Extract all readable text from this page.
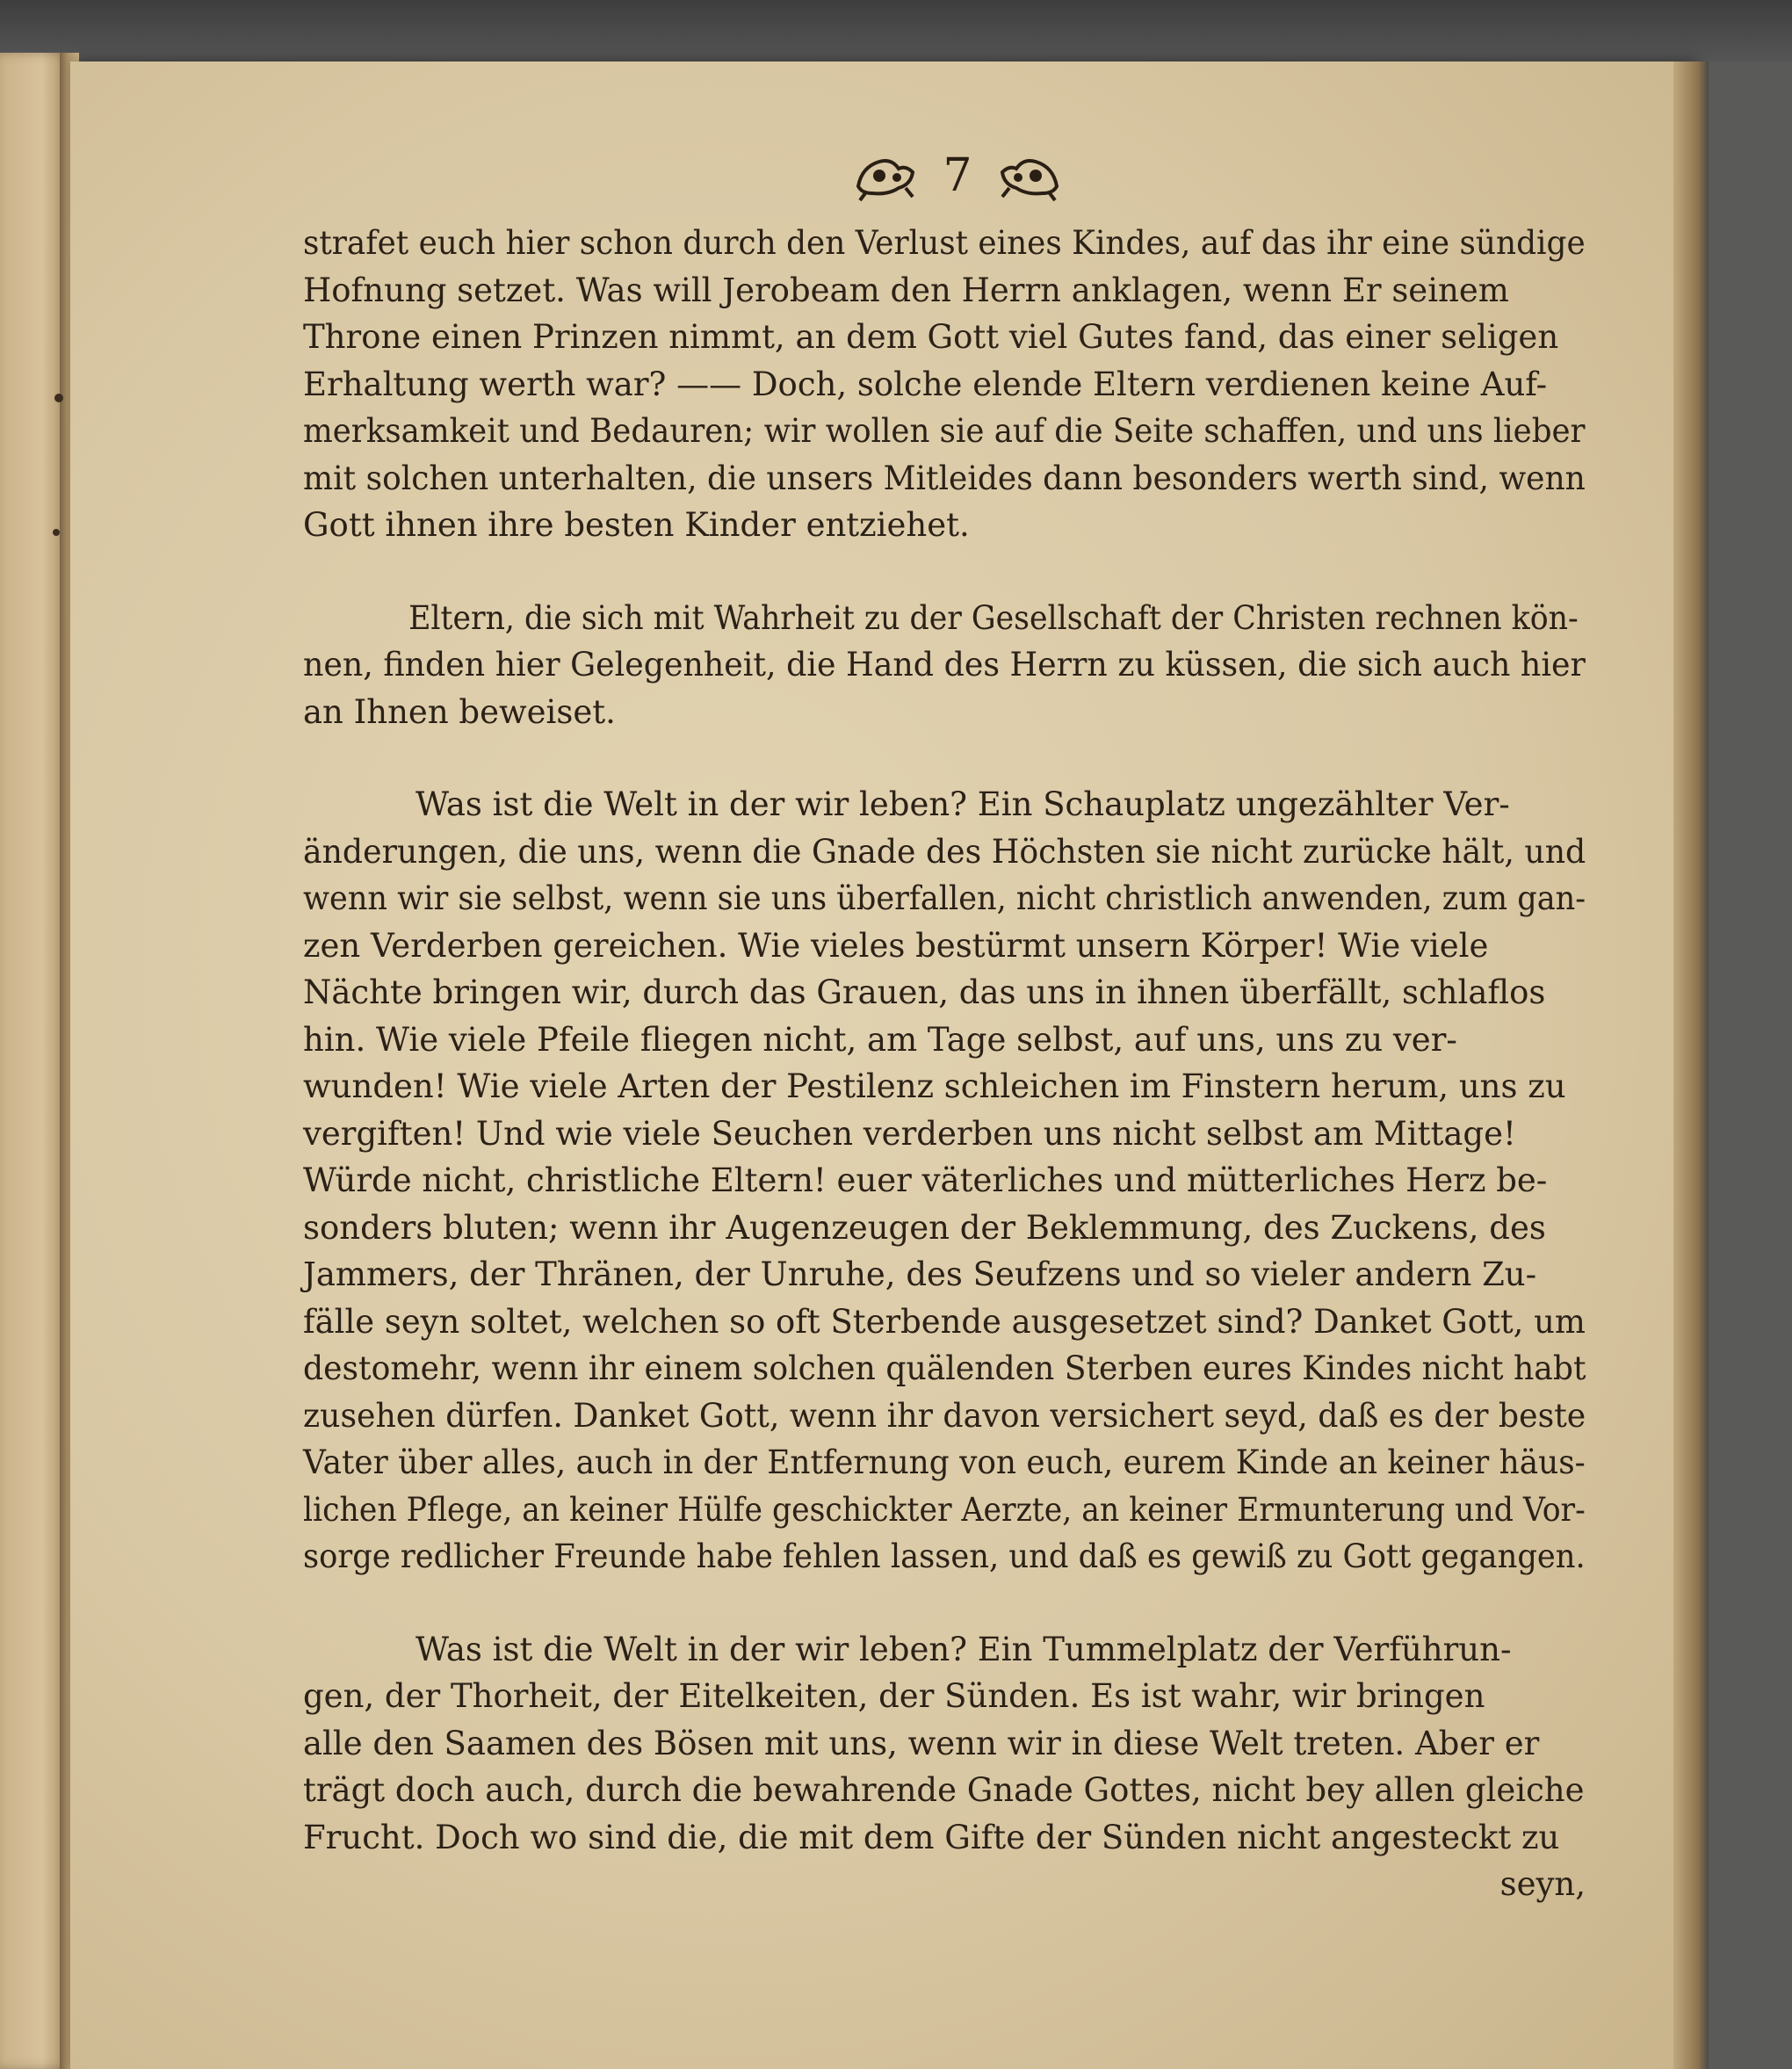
7

strafet euch hier schon durch den Verlust eines Kindes, auf das ihr eine sündige
Hofnung setzet. Was will Jerobeam den Herrn anklagen, wenn Er seinem
Throne einen Prinzen nimmt, an dem Gott viel Gutes fand, das einer seligen
Erhaltung werth war? —— Doch, solche elende Eltern verdienen keine Auf-
merksamkeit und Bedauren; wir wollen sie auf die Seite schaffen, und uns lieber
mit solchen unterhalten, die unsers Mitleides dann besonders werth sind, wenn
Gott ihnen ihre besten Kinder entziehet.

Eltern, die sich mit Wahrheit zu der Gesellschaft der Christen rechnen kön-
nen, finden hier Gelegenheit, die Hand des Herrn zu küssen, die sich auch hier
an Ihnen beweiset.

Was ist die Welt in der wir leben? Ein Schauplatz ungezählter Ver-
änderungen, die uns, wenn die Gnade des Höchsten sie nicht zurücke hält, und
wenn wir sie selbst, wenn sie uns überfallen, nicht christlich anwenden, zum gan-
zen Verderben gereichen. Wie vieles bestürmt unsern Körper! Wie viele
Nächte bringen wir, durch das Grauen, das uns in ihnen überfällt, schlaflos
hin. Wie viele Pfeile fliegen nicht, am Tage selbst, auf uns, uns zu ver-
wunden! Wie viele Arten der Pestilenz schleichen im Finstern herum, uns zu
vergiften! Und wie viele Seuchen verderben uns nicht selbst am Mittage!
Würde nicht, christliche Eltern! euer väterliches und mütterliches Herz be-
sonders bluten; wenn ihr Augenzeugen der Beklemmung, des Zuckens, des
Jammers, der Thränen, der Unruhe, des Seufzens und so vieler andern Zu-
fälle seyn soltet, welchen so oft Sterbende ausgesetzet sind? Danket Gott, um
destomehr, wenn ihr einem solchen quälenden Sterben eures Kindes nicht habt
zusehen dürfen. Danket Gott, wenn ihr davon versichert seyd, daß es der beste
Vater über alles, auch in der Entfernung von euch, eurem Kinde an keiner häus-
lichen Pflege, an keiner Hülfe geschickter Aerzte, an keiner Ermunterung und Vor-
sorge redlicher Freunde habe fehlen lassen, und daß es gewiß zu Gott gegangen.

Was ist die Welt in der wir leben? Ein Tummelplatz der Verführun-
gen, der Thorheit, der Eitelkeiten, der Sünden. Es ist wahr, wir bringen
alle den Saamen des Bösen mit uns, wenn wir in diese Welt treten. Aber er
trägt doch auch, durch die bewahrende Gnade Gottes, nicht bey allen gleiche
Frucht. Doch wo sind die, die mit dem Gifte der Sünden nicht angesteckt zu

seyn,
